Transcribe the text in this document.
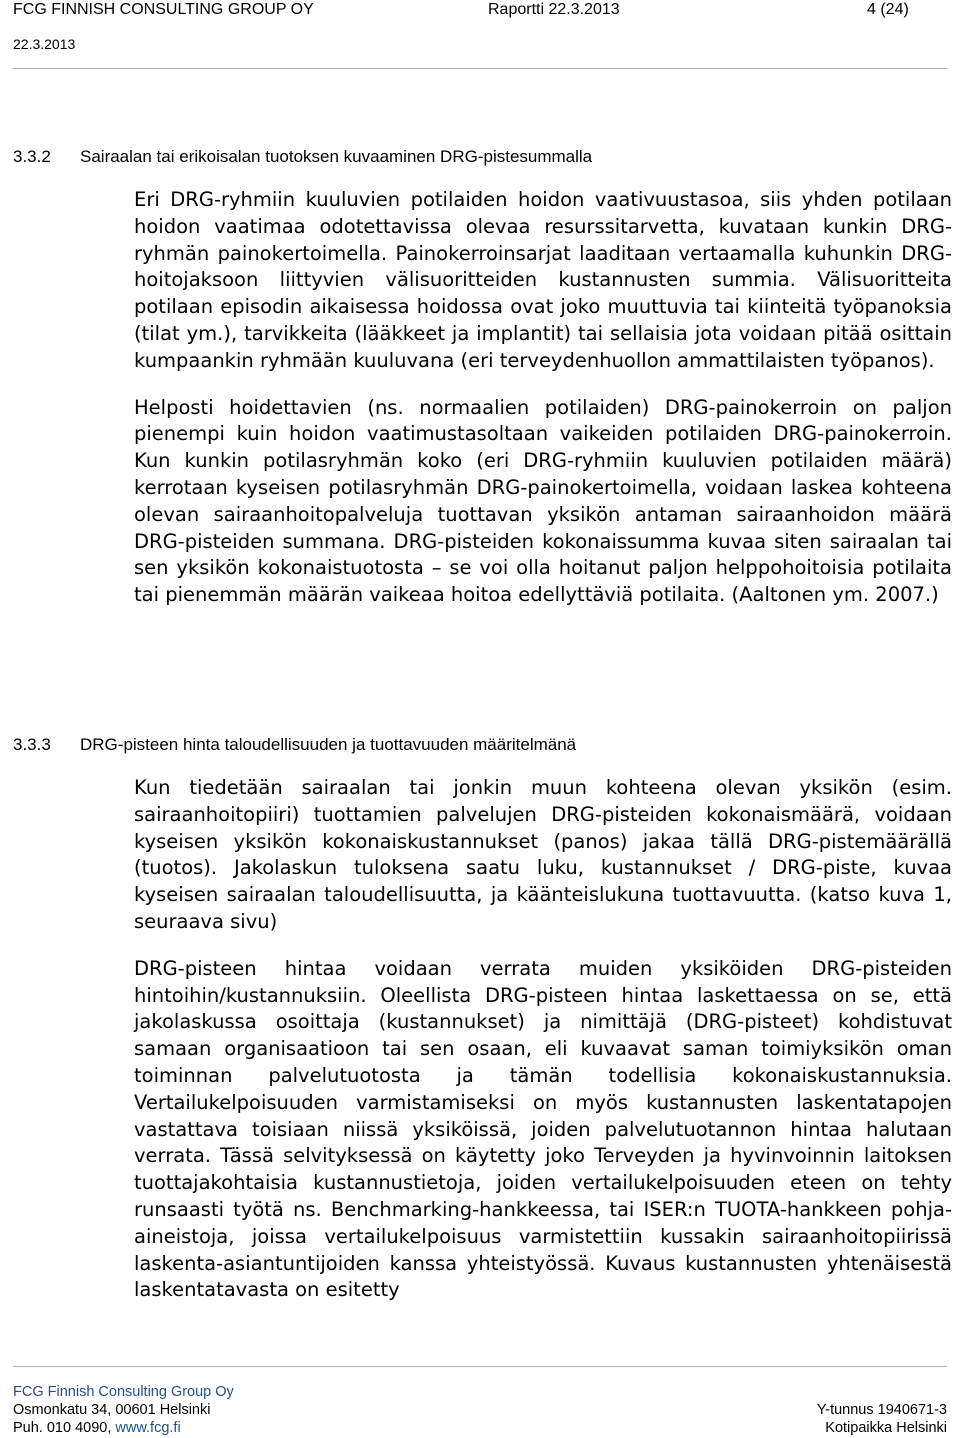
FCG FINNISH CONSULTING GROUP OY	Raportti 22.3.2013	4 (24)
22.3.2013
3.3.2 Sairaalan tai erikoisalan tuotoksen kuvaaminen DRG-pistesummalla

Eri DRG-ryhmiin kuuluvien potilaiden hoidon vaativuustasoa, siis yhden potilaan hoidon vaatimaa odotettavissa olevaa resurssitarvetta, kuvataan kunkin DRG-ryhmän painokertoimella. Painokerroinsarjat laaditaan vertaamalla kuhunkin DRG-hoitojaksoon liittyvien välisuoritteiden kustannusten summia. Välisuoritteita potilaan episodin aikaisessa hoidossa ovat joko muuttuvia tai kiinteitä työpanoksia (tilat ym.), tarvikkeita (lääkkeet ja implantit) tai sellaisia jota voidaan pitää osittain kumpaankin ryhmään kuuluvana (eri terveydenhuollon ammattilaisten työpanos).

Helposti hoidettavien (ns. normaalien potilaiden) DRG-painokerroin on paljon pienempi kuin hoidon vaatimustasoltaan vaikeiden potilaiden DRG-painokerroin. Kun kunkin potilasryhmän koko (eri DRG-ryhmiin kuuluvien potilaiden määrä) kerrotaan kyseisen potilasryhmän DRG-painokertoimella, voidaan laskea kohteena olevan sairaanhoitopalveluja tuottavan yksikön antaman sairaanhoidon määrä DRG-pisteiden summana. DRG-pisteiden kokonaissumma kuvaa siten sairaalan tai sen yksikön kokonaistuotosta – se voi olla hoitanut paljon helppohoitoisia potilaita tai pienemmän määrän vaikeaa hoitoa edellyttäviä potilaita. (Aaltonen ym. 2007.)

3.3.3 DRG-pisteen hinta taloudellisuuden ja tuottavuuden määritelmänä

Kun tiedetään sairaalan tai jonkin muun kohteena olevan yksikön (esim. sairaanhoitopiiri) tuottamien palvelujen DRG-pisteiden kokonaismäärä, voidaan kyseisen yksikön kokonaiskustannukset (panos) jakaa tällä DRG-pistemäärällä (tuotos). Jakolaskun tuloksena saatu luku, kustannukset / DRG-piste, kuvaa kyseisen sairaalan taloudellisuutta, ja käänteislukuna tuottavuutta. (katso kuva 1, seuraava sivu)

DRG-pisteen hintaa voidaan verrata muiden yksiköiden DRG-pisteiden hintoihin/kustannuksiin. Oleellista DRG-pisteen hintaa laskettaessa on se, että jakolaskussa osoittaja (kustannukset) ja nimittäjä (DRG-pisteet) kohdistuvat samaan organisaatioon tai sen osaan, eli kuvaavat saman toimiyksikön oman toiminnan palvelutuotosta ja tämän todellisia kokonaiskustannuksia. Vertailukelpoisuuden varmistamiseksi on myös kustannusten laskentatapojen vastattava toisiaan niissä yksiköissä, joiden palvelutuotannon hintaa halutaan verrata. Tässä selvityksessä on käytetty joko Terveyden ja hyvinvoinnin laitoksen tuottajakohtaisia kustannustietoja, joiden vertailukelpoisuuden eteen on tehty runsaasti työtä ns. Benchmarking-hankkeessa, tai ISER:n TUOTA-hankkeen pohja-aineistoja, joissa vertailukelpoisuus varmistettiin kussakin sairaanhoitopiirissä laskenta-asiantuntijoiden kanssa yhteistyössä. Kuvaus kustannusten yhtenäisestä laskentatavasta on esitetty

FCG Finnish Consulting Group Oy
Osmonkatu 34, 00601 Helsinki
Puh. 010 4090, www.fcg.fi
Y-tunnus 1940671-3
Kotipaikka Helsinki
